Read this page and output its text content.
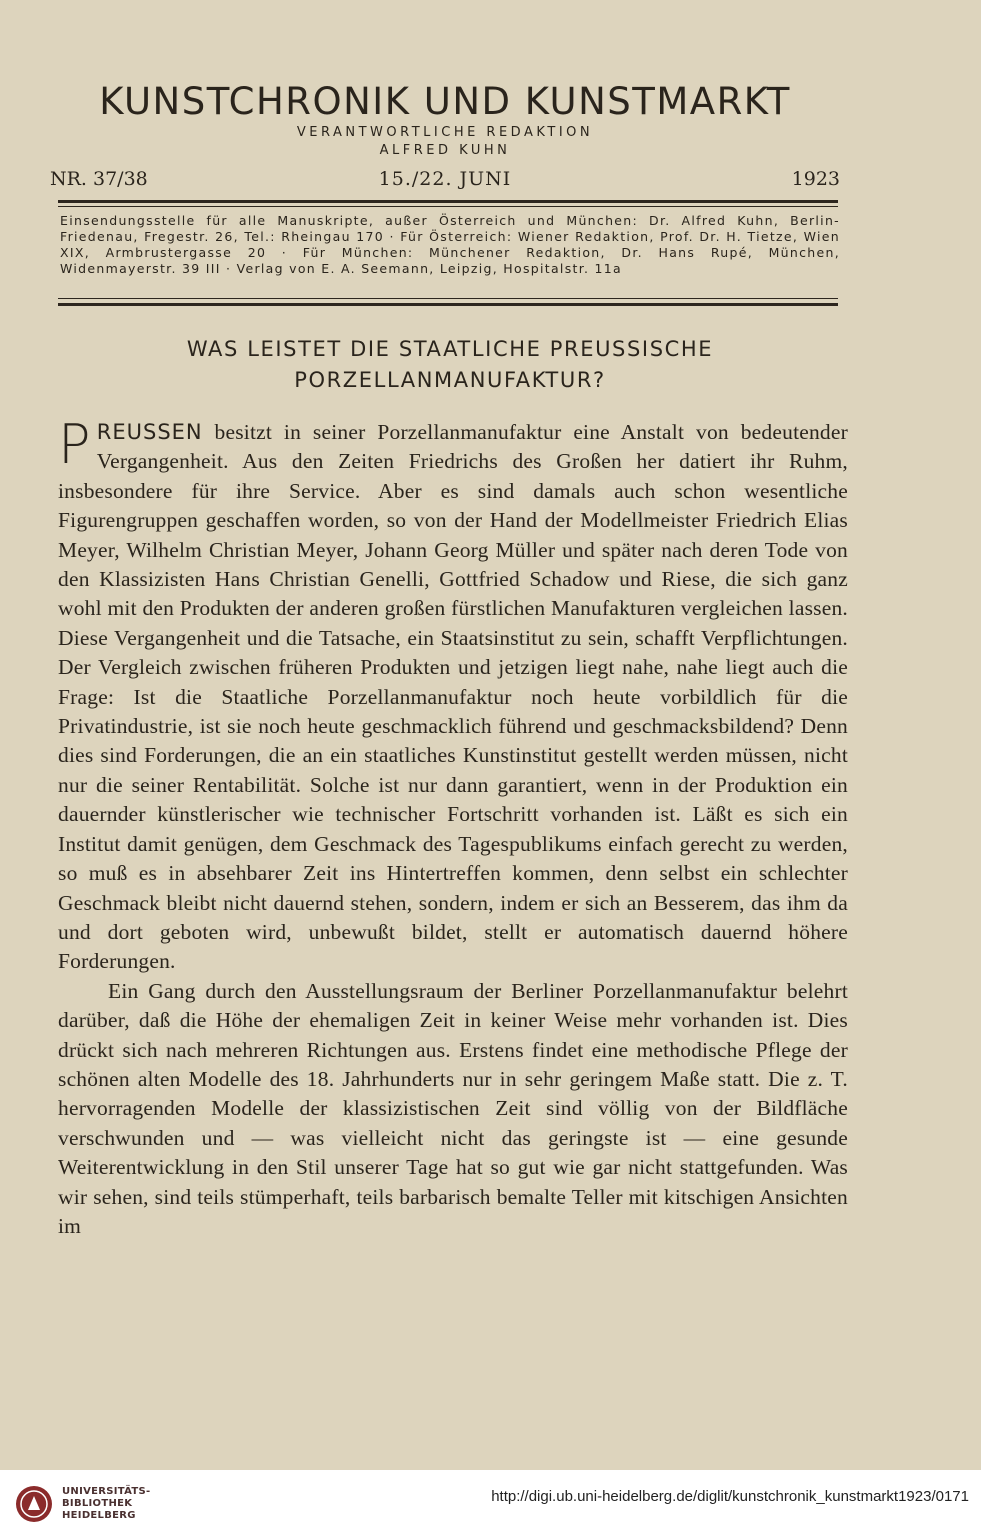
KUNSTCHRONIK UND KUNSTMARKT
VERANTWORTLICHE REDAKTION
ALFRED KUHN
NR. 37/38	15./22. JUNI	1923
Einsendungsstelle für alle Manuskripte, außer Österreich und München: Dr. Alfred Kuhn, Berlin-Friedenau, Fregestr. 26, Tel.: Rheingau 170 · Für Österreich: Wiener Redaktion, Prof. Dr. H. Tietze, Wien XIX, Armbrustergasse 20 · Für München: Münchener Redaktion, Dr. Hans Rupé, München, Widenmayerstr. 39 III · Verlag von E. A. Seemann, Leipzig, Hospitalstr. 11a
WAS LEISTET DIE STAATLICHE PREUSSISCHE
PORZELLANMANUFAKTUR?

PREUSSEN besitzt in seiner Porzellanmanufaktur eine Anstalt von bedeutender Vergangenheit. Aus den Zeiten Friedrichs des Großen her datiert ihr Ruhm, insbesondere für ihre Service. Aber es sind damals auch schon wesentliche Figurengruppen geschaffen worden, so von der Hand der Modellmeister Friedrich Elias Meyer, Wilhelm Christian Meyer, Johann Georg Müller und später nach deren Tode von den Klassizisten Hans Christian Genelli, Gottfried Schadow und Riese, die sich ganz wohl mit den Produkten der anderen großen fürstlichen Manufakturen vergleichen lassen. Diese Vergangenheit und die Tatsache, ein Staatsinstitut zu sein, schafft Verpflichtungen. Der Vergleich zwischen früheren Produkten und jetzigen liegt nahe, nahe liegt auch die Frage: Ist die Staatliche Porzellanmanufaktur noch heute vorbildlich für die Privatindustrie, ist sie noch heute geschmacklich führend und geschmacksbildend? Denn dies sind Forderungen, die an ein staatliches Kunstinstitut gestellt werden müssen, nicht nur die seiner Rentabilität. Solche ist nur dann garantiert, wenn in der Produktion ein dauernder künstlerischer wie technischer Fortschritt vorhanden ist. Läßt es sich ein Institut damit genügen, dem Geschmack des Tagespublikums einfach gerecht zu werden, so muß es in absehbarer Zeit ins Hintertreffen kommen, denn selbst ein schlechter Geschmack bleibt nicht dauernd stehen, sondern, indem er sich an Besserem, das ihm da und dort geboten wird, unbewußt bildet, stellt er automatisch dauernd höhere Forderungen.

Ein Gang durch den Ausstellungsraum der Berliner Porzellanmanufaktur belehrt darüber, daß die Höhe der ehemaligen Zeit in keiner Weise mehr vorhanden ist. Dies drückt sich nach mehreren Richtungen aus. Erstens findet eine methodische Pflege der schönen alten Modelle des 18. Jahrhunderts nur in sehr geringem Maße statt. Die z. T. hervorragenden Modelle der klassizistischen Zeit sind völlig von der Bildfläche verschwunden und — was vielleicht nicht das geringste ist — eine gesunde Weiterentwicklung in den Stil unserer Tage hat so gut wie gar nicht stattgefunden. Was wir sehen, sind teils stümperhaft, teils barbarisch bemalte Teller mit kitschigen Ansichten im

UNIVERSITÄTS-
BIBLIOTHEK
HEIDELBERG
http://digi.ub.uni-heidelberg.de/diglit/kunstchronik_kunstmarkt1923/0171
